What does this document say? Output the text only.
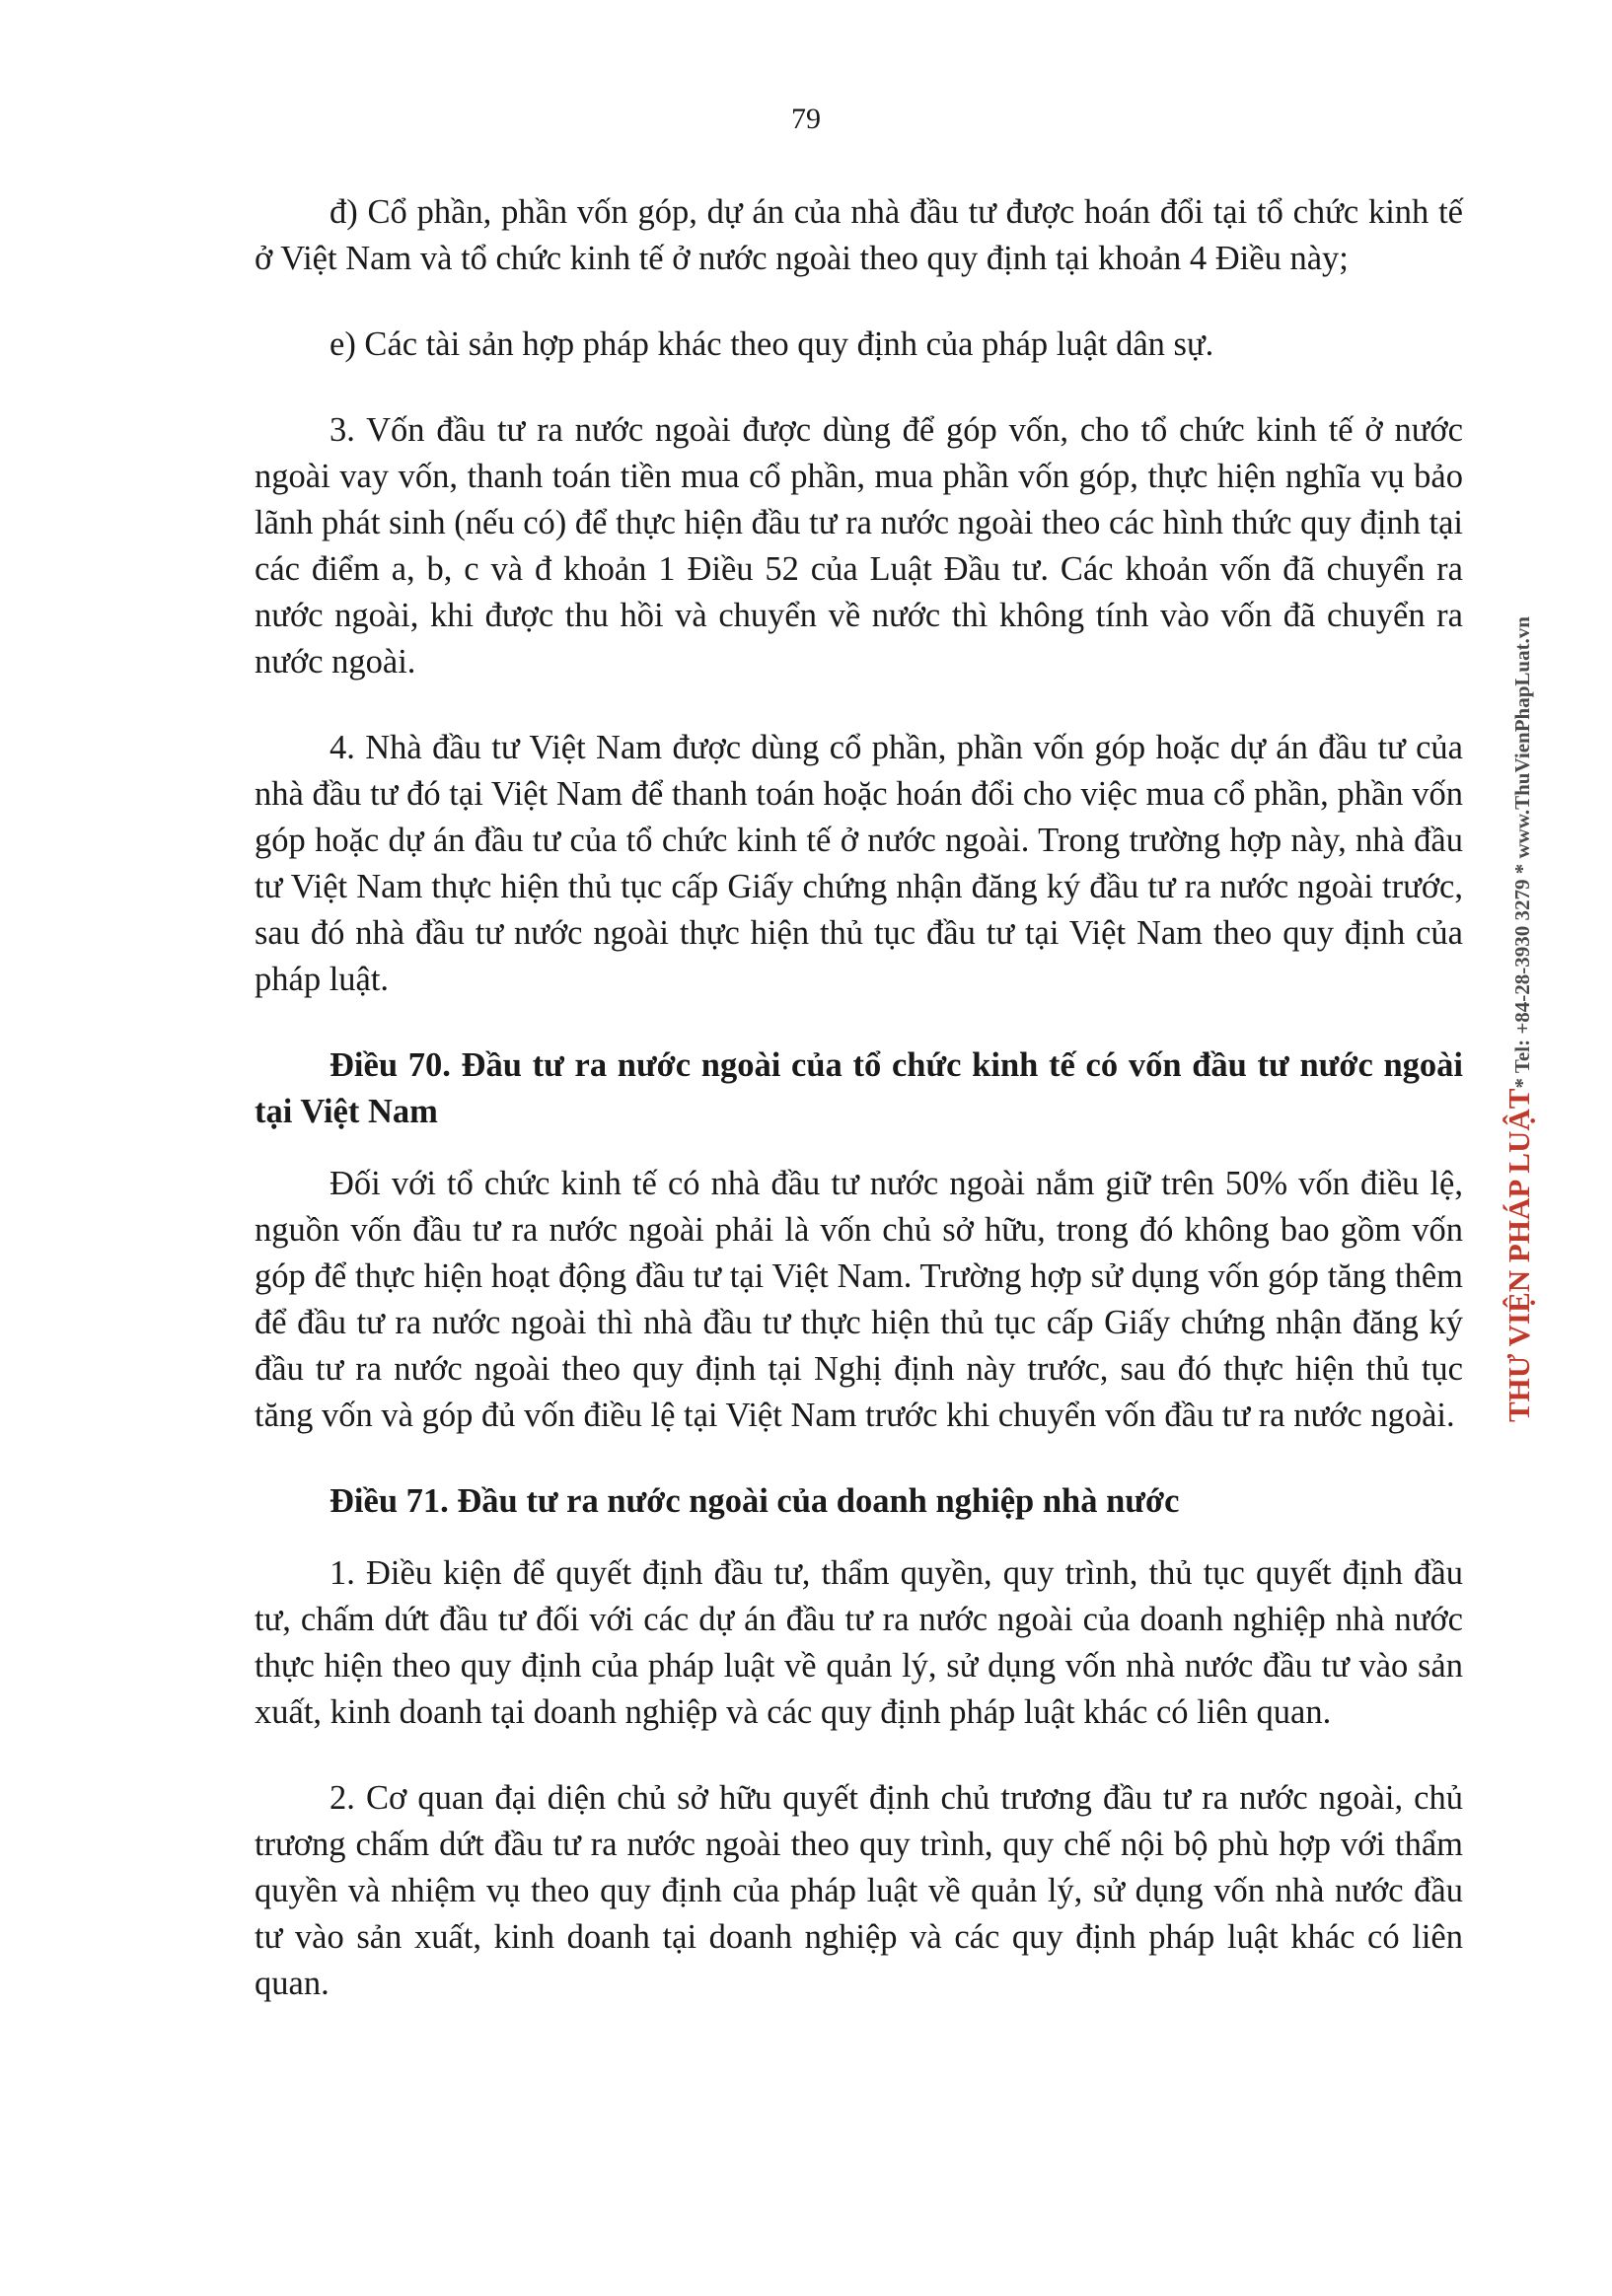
79

đ) Cổ phần, phần vốn góp, dự án của nhà đầu tư được hoán đổi tại tổ chức kinh tế ở Việt Nam và tổ chức kinh tế ở nước ngoài theo quy định tại khoản 4 Điều này;

e) Các tài sản hợp pháp khác theo quy định của pháp luật dân sự.

3. Vốn đầu tư ra nước ngoài được dùng để góp vốn, cho tổ chức kinh tế ở nước ngoài vay vốn, thanh toán tiền mua cổ phần, mua phần vốn góp, thực hiện nghĩa vụ bảo lãnh phát sinh (nếu có) để thực hiện đầu tư ra nước ngoài theo các hình thức quy định tại các điểm a, b, c và đ khoản 1 Điều 52 của Luật Đầu tư. Các khoản vốn đã chuyển ra nước ngoài, khi được thu hồi và chuyển về nước thì không tính vào vốn đã chuyển ra nước ngoài.

4. Nhà đầu tư Việt Nam được dùng cổ phần, phần vốn góp hoặc dự án đầu tư của nhà đầu tư đó tại Việt Nam để thanh toán hoặc hoán đổi cho việc mua cổ phần, phần vốn góp hoặc dự án đầu tư của tổ chức kinh tế ở nước ngoài. Trong trường hợp này, nhà đầu tư Việt Nam thực hiện thủ tục cấp Giấy chứng nhận đăng ký đầu tư ra nước ngoài trước, sau đó nhà đầu tư nước ngoài thực hiện thủ tục đầu tư tại Việt Nam theo quy định của pháp luật.

Điều 70. Đầu tư ra nước ngoài của tổ chức kinh tế có vốn đầu tư nước ngoài tại Việt Nam

Đối với tổ chức kinh tế có nhà đầu tư nước ngoài nắm giữ trên 50% vốn điều lệ, nguồn vốn đầu tư ra nước ngoài phải là vốn chủ sở hữu, trong đó không bao gồm vốn góp để thực hiện hoạt động đầu tư tại Việt Nam. Trường hợp sử dụng vốn góp tăng thêm để đầu tư ra nước ngoài thì nhà đầu tư thực hiện thủ tục cấp Giấy chứng nhận đăng ký đầu tư ra nước ngoài theo quy định tại Nghị định này trước, sau đó thực hiện thủ tục tăng vốn và góp đủ vốn điều lệ tại Việt Nam trước khi chuyển vốn đầu tư ra nước ngoài.

Điều 71. Đầu tư ra nước ngoài của doanh nghiệp nhà nước

1. Điều kiện để quyết định đầu tư, thẩm quyền, quy trình, thủ tục quyết định đầu tư, chấm dứt đầu tư đối với các dự án đầu tư ra nước ngoài của doanh nghiệp nhà nước thực hiện theo quy định của pháp luật về quản lý, sử dụng vốn nhà nước đầu tư vào sản xuất, kinh doanh tại doanh nghiệp và các quy định pháp luật khác có liên quan.

2. Cơ quan đại diện chủ sở hữu quyết định chủ trương đầu tư ra nước ngoài, chủ trương chấm dứt đầu tư ra nước ngoài theo quy trình, quy chế nội bộ phù hợp với thẩm quyền và nhiệm vụ theo quy định của pháp luật về quản lý, sử dụng vốn nhà nước đầu tư vào sản xuất, kinh doanh tại doanh nghiệp và các quy định pháp luật khác có liên quan.

THƯ VIỆN PHÁP LUẬT* Tel: +84-28-3930 3279 * www.ThuVienPhapLuat.vn
